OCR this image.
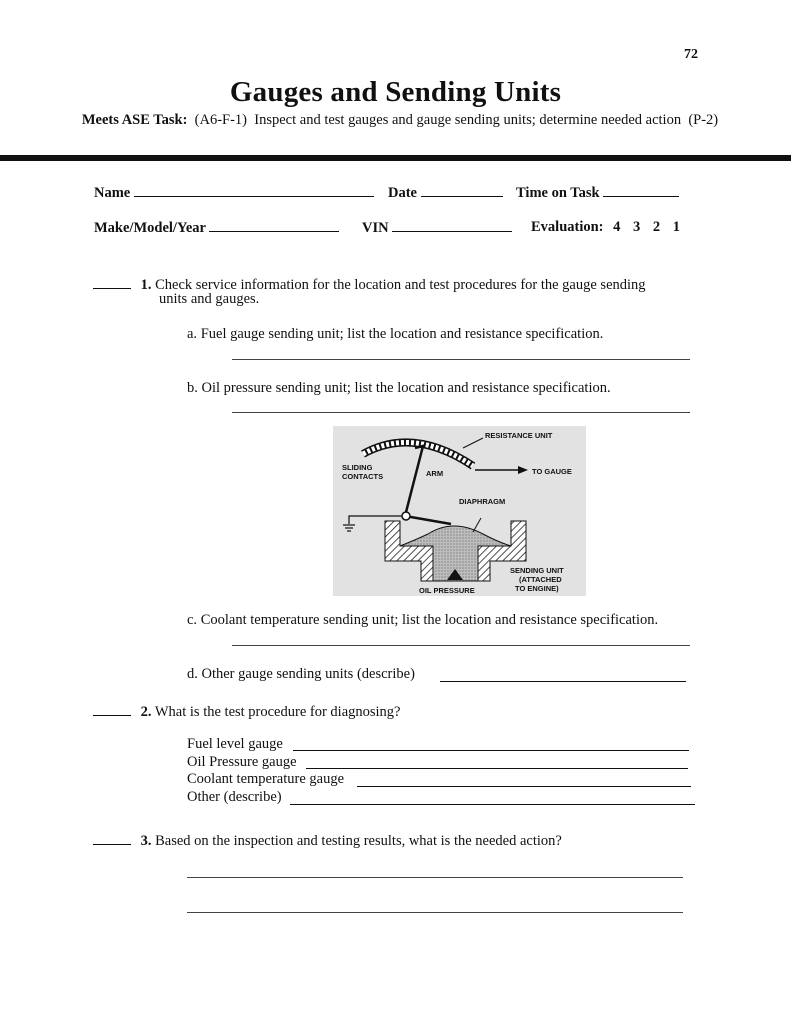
72
Gauges and Sending Units
Meets ASE Task: (A6-F-1) Inspect and test gauges and gauge sending units; determine needed action (P-2)
Name	Date	Time on Task
Make/Model/Year	VIN	Evaluation: 4 3 2 1
1. Check service information for the location and test procedures for the gauge sending
units and gauges.
a. Fuel gauge sending unit; list the location and resistance specification.
b. Oil pressure sending unit; list the location and resistance specification.
TO GAUGE
RESISTANCE UNIT
SLIDING
CONTACTS	ARM
DIAPHRAGM
OIL PRESSURE
SENDING UNIT
(ATTACHED
TO ENGINE)
c. Coolant temperature sending unit; list the location and resistance specification.
d. Other gauge sending units (describe)
2. What is the test procedure for diagnosing?
Fuel level gauge
Oil Pressure gauge
Coolant temperature gauge
Other (describe)
3. Based on the inspection and testing results, what is the needed action?
